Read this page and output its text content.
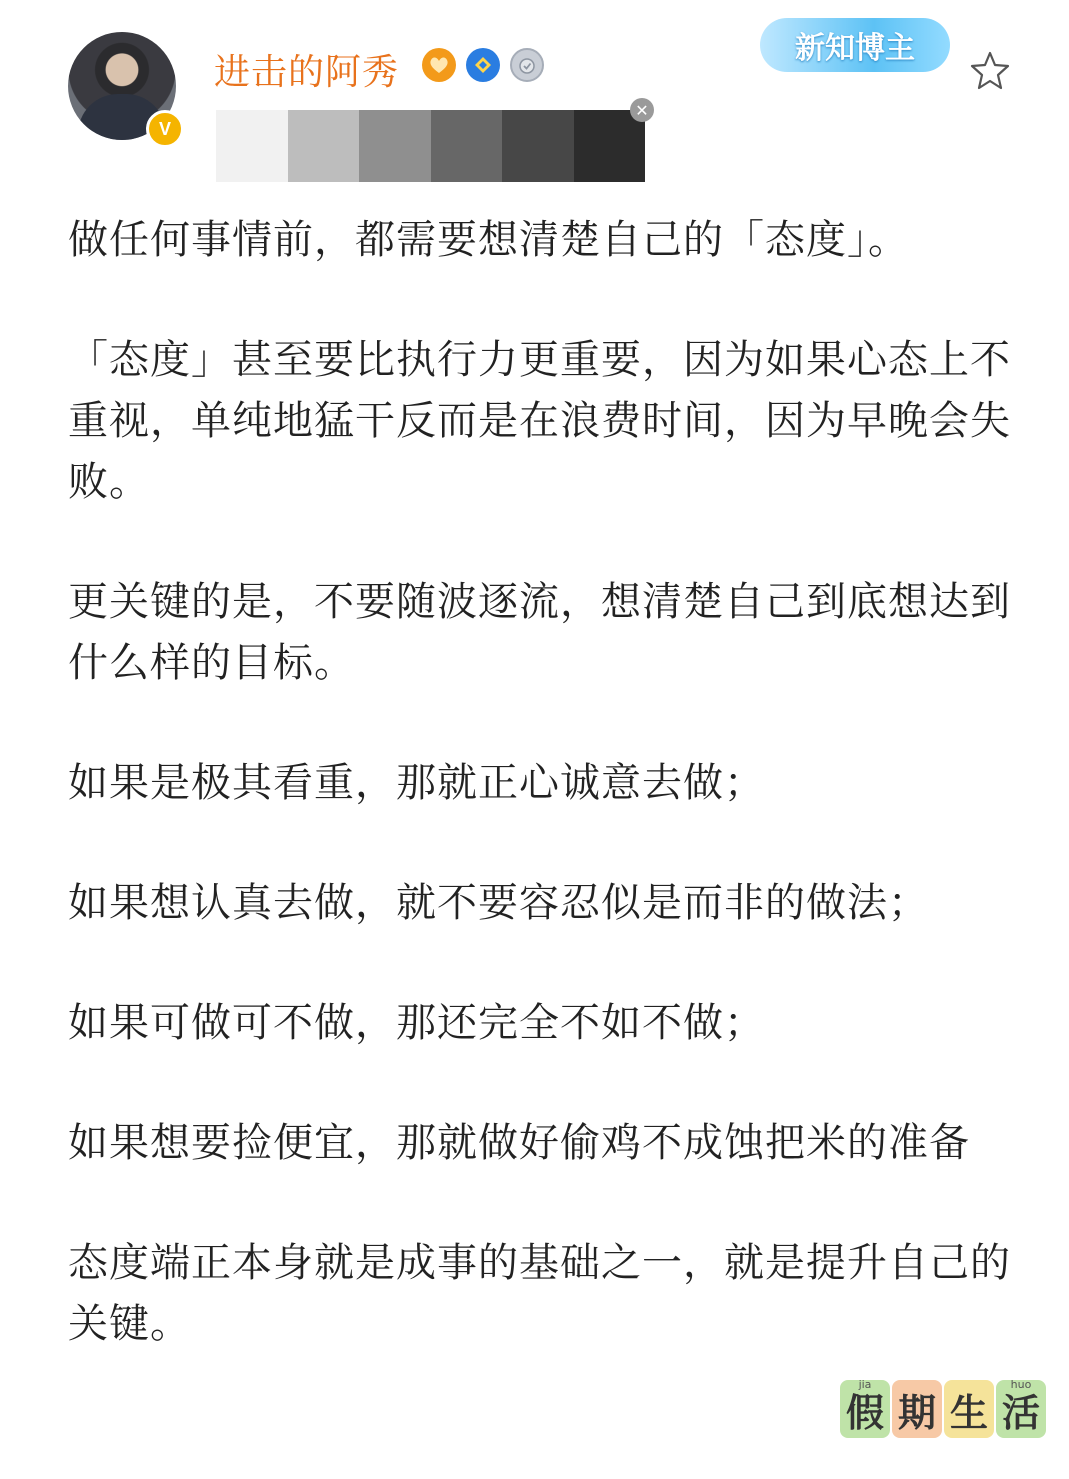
V
进击的阿秀
新知博主
✕

做任何事情前，都需要想清楚自己的「态度」。

「态度」甚至要比执行力更重要，因为如果心态上不重视，单纯地猛干反而是在浪费时间，因为早晚会失败。

更关键的是，不要随波逐流，想清楚自己到底想达到什么样的目标。

如果是极其看重，那就正心诚意去做；

如果想认真去做，就不要容忍似是而非的做法；

如果可做可不做，那还完全不如不做；

如果想要捡便宜，那就做好偷鸡不成蚀把米的准备

态度端正本身就是成事的基础之一，就是提升自己的关键。

jia
假 期 生
huo
活
